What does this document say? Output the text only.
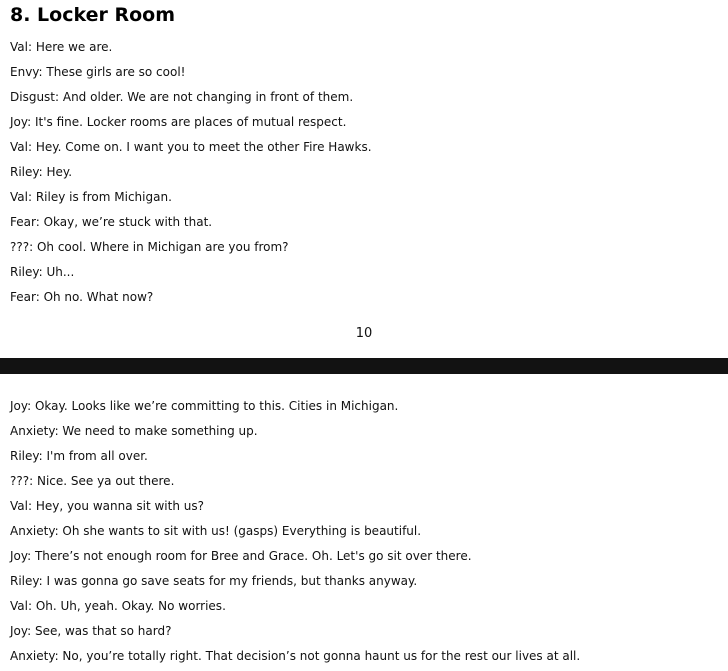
8. Locker Room
Val: Here we are.
Envy: These girls are so cool!
Disgust: And older. We are not changing in front of them.
Joy: It's fine. Locker rooms are places of mutual respect.
Val: Hey. Come on. I want you to meet the other Fire Hawks.
Riley: Hey.
Val: Riley is from Michigan.
Fear: Okay, we’re stuck with that.
???: Oh cool. Where in Michigan are you from?
Riley: Uh...
Fear: Oh no. What now?
10
Joy: Okay. Looks like we’re committing to this. Cities in Michigan.
Anxiety: We need to make something up.
Riley: I'm from all over.
???: Nice. See ya out there.
Val: Hey, you wanna sit with us?
Anxiety: Oh she wants to sit with us! (gasps) Everything is beautiful.
Joy: There’s not enough room for Bree and Grace. Oh. Let's go sit over there.
Riley: I was gonna go save seats for my friends, but thanks anyway.
Val: Oh. Uh, yeah. Okay. No worries.
Joy: See, was that so hard?
Anxiety: No, you’re totally right. That decision’s not gonna haunt us for the rest our lives at all.
